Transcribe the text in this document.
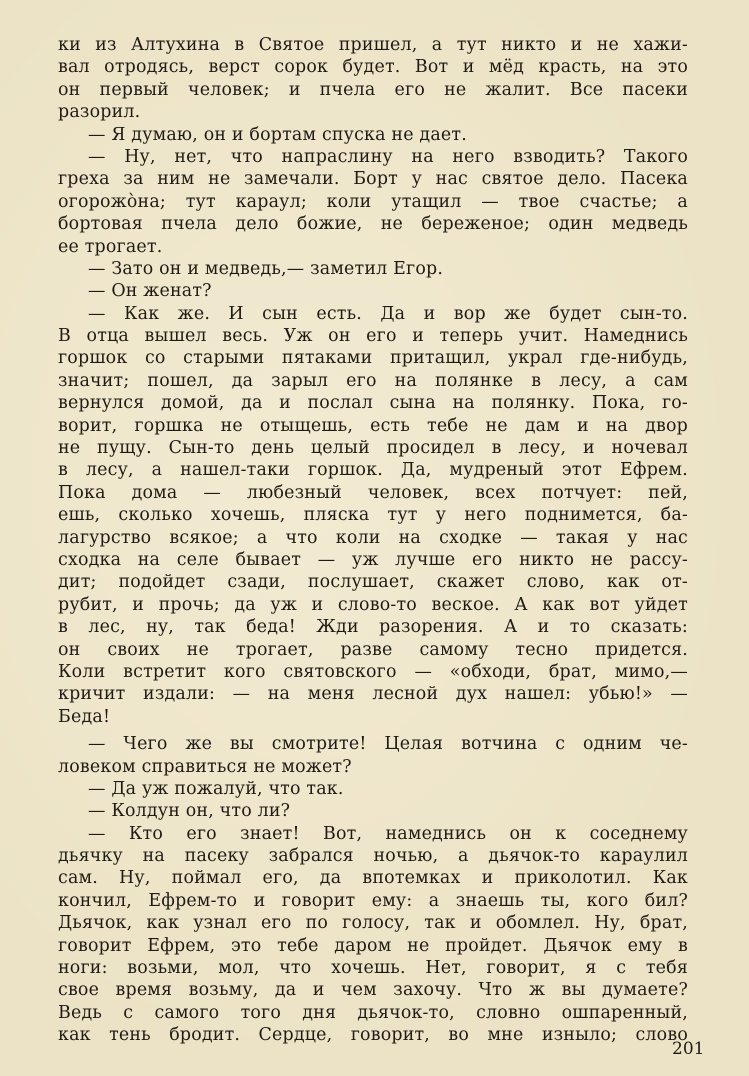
ки из Алтухина в Святое пришел, а тут никто и не хажи-
вал отродясь, верст сорок будет. Вот и мёд красть, на это
он первый человек; и пчела его не жалит. Все пасеки
разорил.
— Я думаю, он и бортам спуска не дает.
— Ну, нет, что напраслину на него взводить? Такого
греха за ним не замечали. Борт у нас святое дело. Пасека
огорожòна; тут караул; коли утащил — твое счастье; а
бортовая пчела дело божие, не береженое; один медведь
ее трогает.
— Зато он и медведь,— заметил Егор.
— Он женат?
— Как же. И сын есть. Да и вор же будет сын-то.
В отца вышел весь. Уж он его и теперь учит. Намеднись
горшок со старыми пятаками притащил, украл где-нибудь,
значит; пошел, да зарыл его на полянке в лесу, а сам
вернулся домой, да и послал сына на полянку. Пока, го-
ворит, горшка не отыщешь, есть тебе не дам и на двор
не пущу. Сын-то день целый просидел в лесу, и ночевал
в лесу, а нашел-таки горшок. Да, мудреный этот Ефрем.
Пока дома — любезный человек, всех потчует: пей,
ешь, сколько хочешь, пляска тут у него поднимется, ба-
лагурство всякое; а что коли на сходке — такая у нас
сходка на селе бывает — уж лучше его никто не рассу-
дит; подойдет сзади, послушает, скажет слово, как от-
рубит, и прочь; да уж и слово-то веское. А как вот уйдет
в лес, ну, так беда! Жди разорения. А и то сказать:
он своих не трогает, разве самому тесно придется.
Коли встретит кого святовского — «обходи, брат, мимо,—
кричит издали: — на меня лесной дух нашел: убью!» —
Беда!
— Чего же вы смотрите! Целая вотчина с одним че-
ловеком справиться не может?
— Да уж пожалуй, что так.
— Колдун он, что ли?
— Кто его знает! Вот, намеднись он к соседнему
дьячку на пасеку забрался ночью, а дьячок-то караулил
сам. Ну, поймал его, да впотемках и приколотил. Как
кончил, Ефрем-то и говорит ему: а знаешь ты, кого бил?
Дьячок, как узнал его по голосу, так и обомлел. Ну, брат,
говорит Ефрем, это тебе даром не пройдет. Дьячок ему в
ноги: возьми, мол, что хочешь. Нет, говорит, я с тебя
свое время возьму, да и чем захочу. Что ж вы думаете?
Ведь с самого того дня дьячок-то, словно ошпаренный,
как тень бродит. Сердце, говорит, во мне изныло; слово
201
